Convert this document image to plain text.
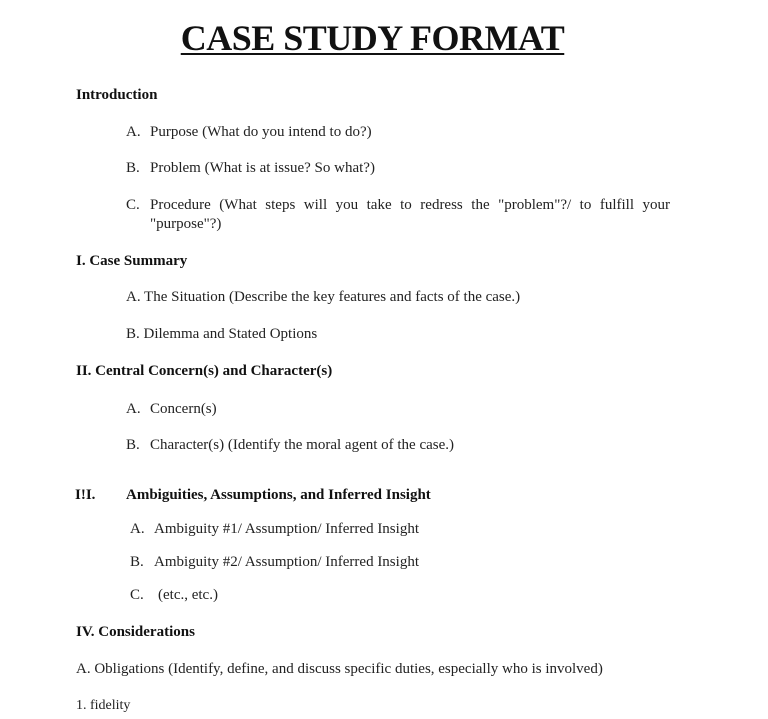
CASE STUDY FORMAT
Introduction
A. Purpose (What do you intend to do?)
B. Problem (What is at issue? So what?)
C. Procedure (What steps will you take to redress the "problem"?/ to fulfill your "purpose"?)
I. Case Summary
A. The Situation (Describe the key features and facts of the case.)
B. Dilemma and Stated Options
II. Central Concern(s) and Character(s)
A. Concern(s)
B. Character(s) (Identify the moral agent of the case.)
I!I. Ambiguities, Assumptions, and Inferred Insight
A. Ambiguity #1/ Assumption/ Inferred Insight
B. Ambiguity #2/ Assumption/ Inferred Insight
C. (etc., etc.)
IV. Considerations
A. Obligations (Identify, define, and discuss specific duties, especially who is involved)
1. fidelity
